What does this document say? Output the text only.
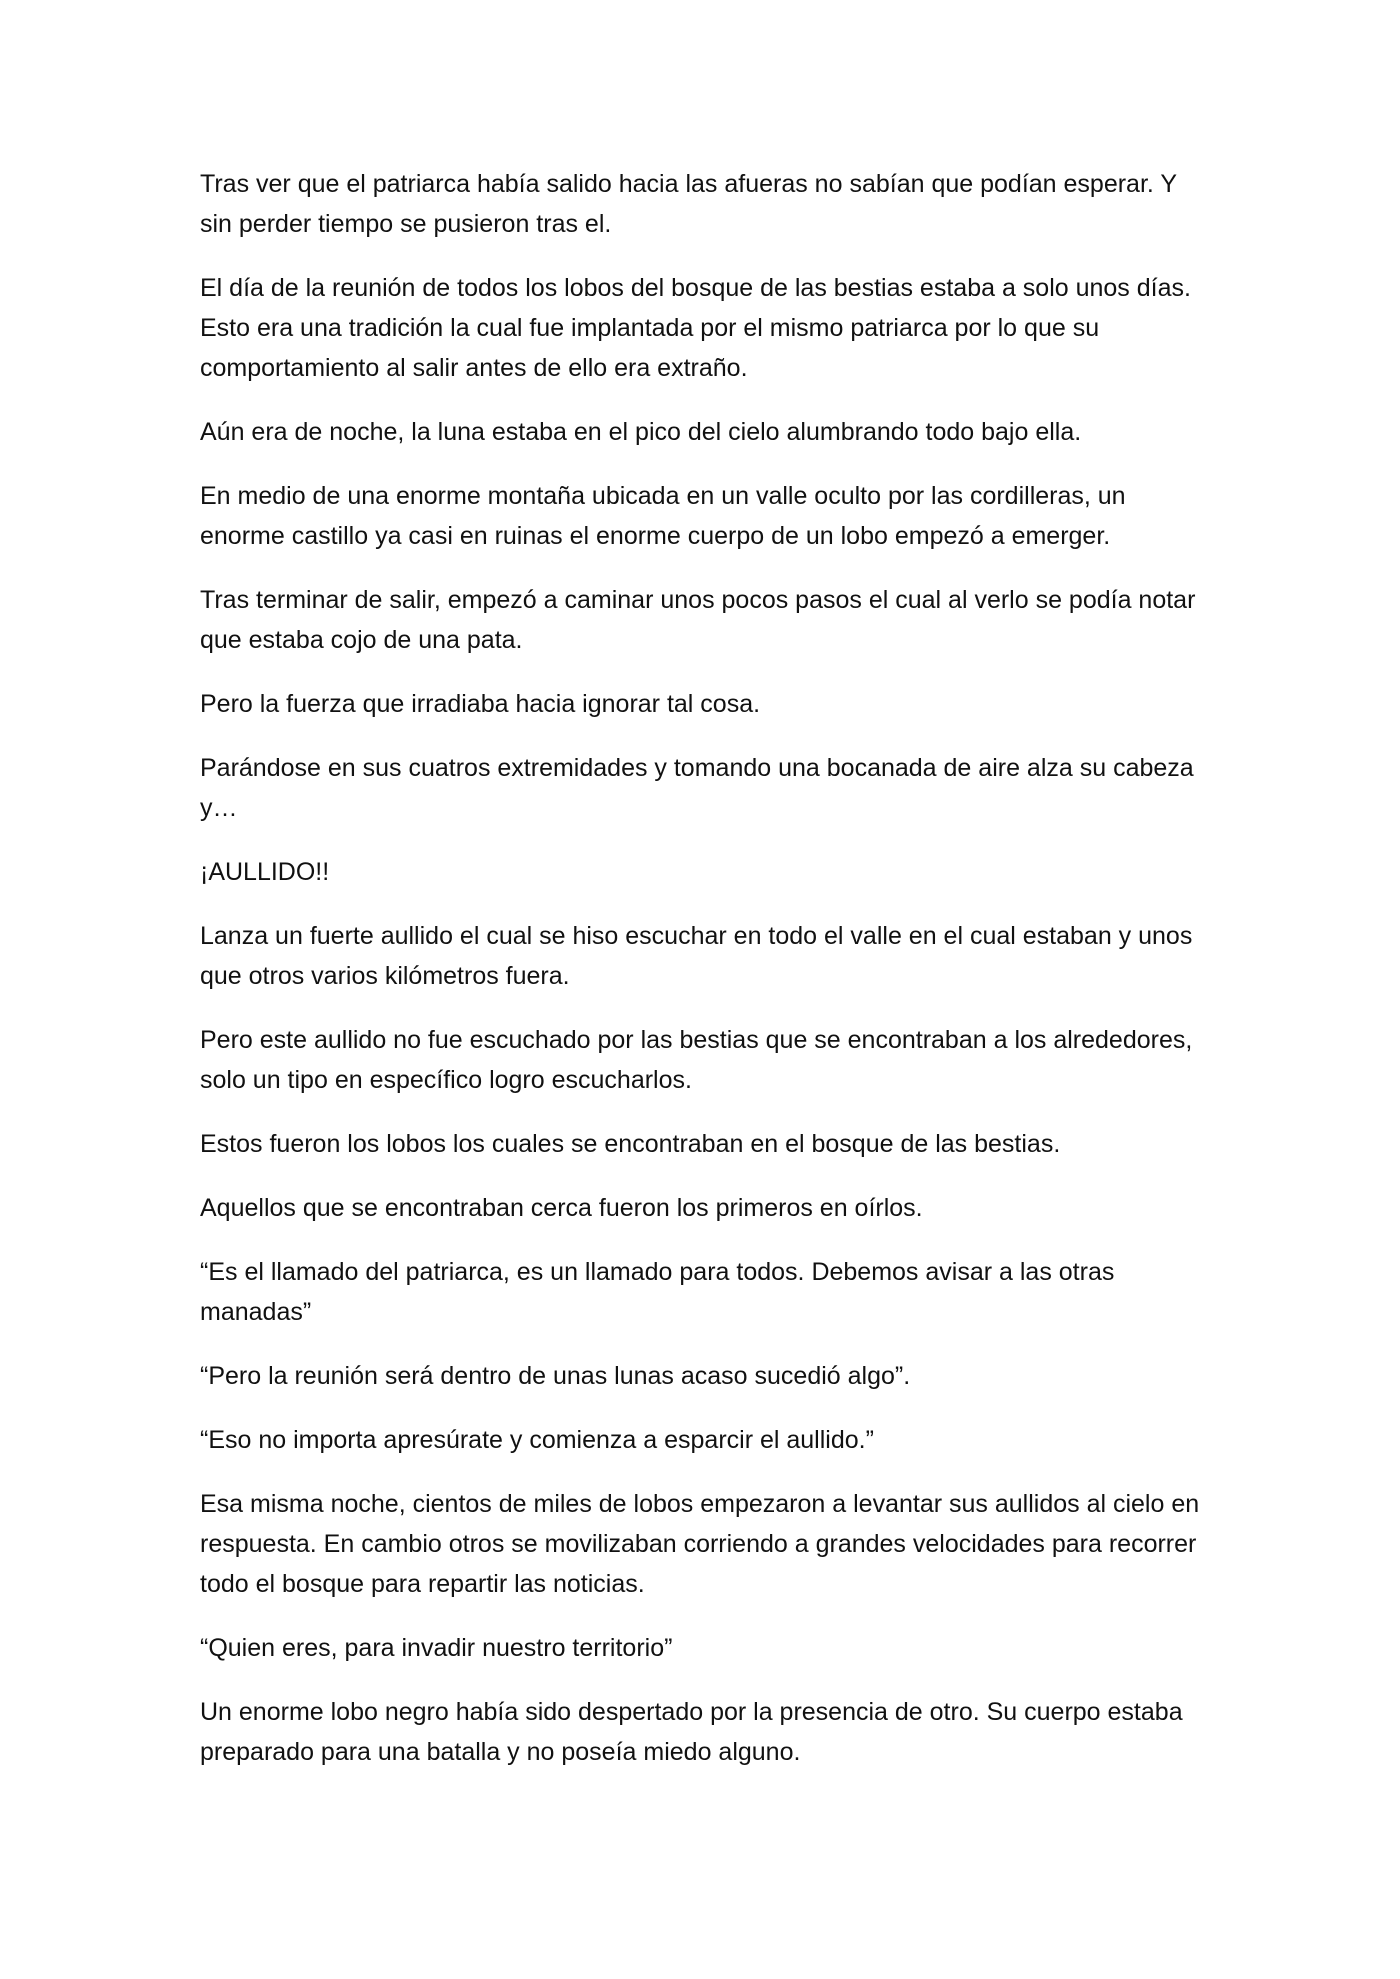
Tras ver que el patriarca había salido hacia las afueras no sabían que podían esperar. Y sin perder tiempo se pusieron tras el.

El día de la reunión de todos los lobos del bosque de las bestias estaba a solo unos días. Esto era una tradición la cual fue implantada por el mismo patriarca por lo que su comportamiento al salir antes de ello era extraño.

Aún era de noche, la luna estaba en el pico del cielo alumbrando todo bajo ella.

En medio de una enorme montaña ubicada en un valle oculto por las cordilleras, un enorme castillo ya casi en ruinas el enorme cuerpo de un lobo empezó a emerger.

Tras terminar de salir, empezó a caminar unos pocos pasos el cual al verlo se podía notar que estaba cojo de una pata.

Pero la fuerza que irradiaba hacia ignorar tal cosa.

Parándose en sus cuatros extremidades y tomando una bocanada de aire alza su cabeza y…

¡AULLIDO!!

Lanza un fuerte aullido el cual se hiso escuchar en todo el valle en el cual estaban y unos que otros varios kilómetros fuera.

Pero este aullido no fue escuchado por las bestias que se encontraban a los alrededores, solo un tipo en específico logro escucharlos.

Estos fueron los lobos los cuales se encontraban en el bosque de las bestias.

Aquellos que se encontraban cerca fueron los primeros en oírlos.

“Es el llamado del patriarca, es un llamado para todos. Debemos avisar a las otras manadas”

“Pero la reunión será dentro de unas lunas acaso sucedió algo”.

“Eso no importa apresúrate y comienza a esparcir el aullido.”

Esa misma noche, cientos de miles de lobos empezaron a levantar sus aullidos al cielo en respuesta. En cambio otros se movilizaban corriendo a grandes velocidades para recorrer todo el bosque para repartir las noticias.

“Quien eres, para invadir nuestro territorio”

Un enorme lobo negro había sido despertado por la presencia de otro. Su cuerpo estaba preparado para una batalla y no poseía miedo alguno.
